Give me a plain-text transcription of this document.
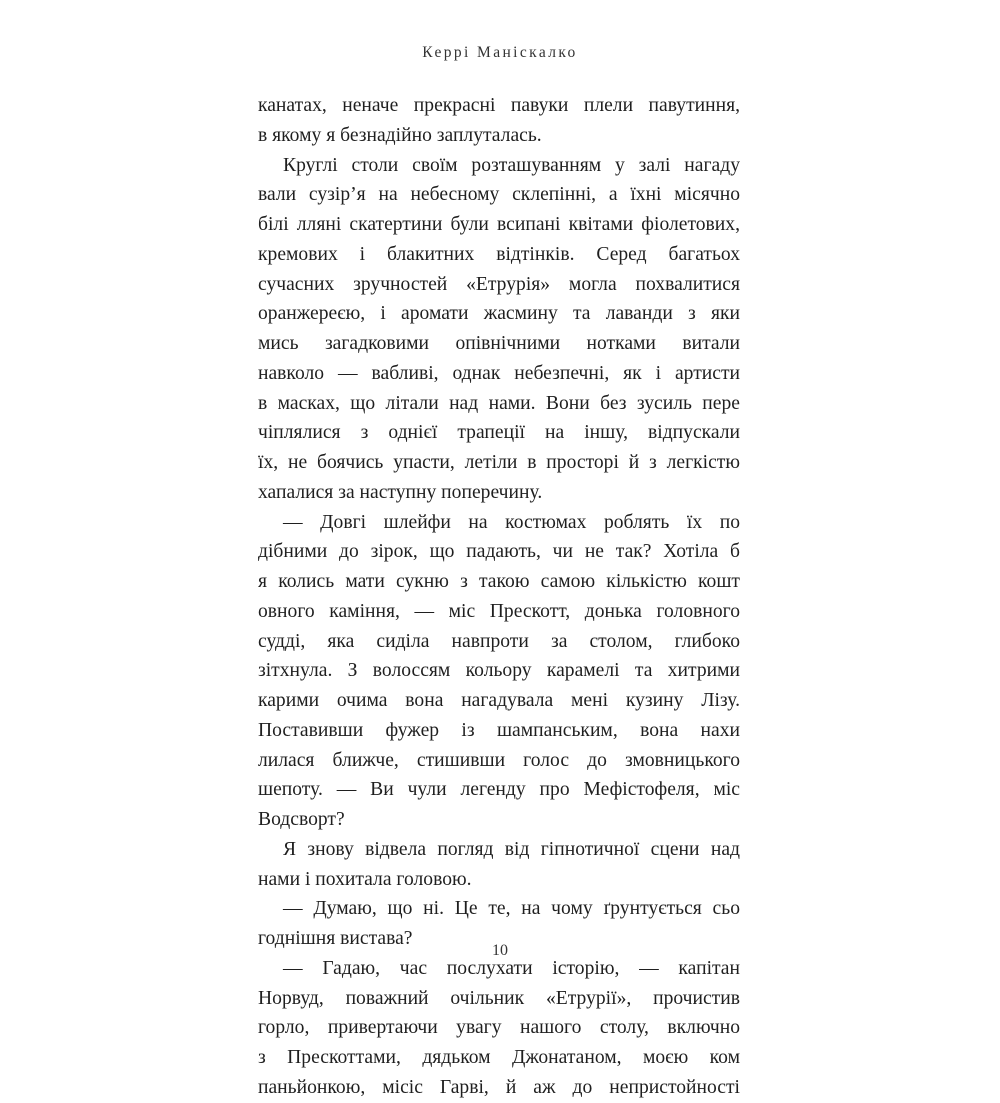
Керрі Маніскалко
канатах, неначе прекрасні павуки плели павутиння,
в якому я безнадійно заплуталась.
Круглі столи своїм розташуванням у залі нагаду
вали сузір’я на небесному склепінні, а їхні місячно
білі лляні скатертини були всипані квітами фіолетових,
кремових і блакитних відтінків. Серед багатьох
сучасних зручностей «Етрурія» могла похвалитися
оранжереєю, і аромати жасмину та лаванди з яки
мись загадковими опівнічними нотками витали
навколо — вабливі, однак небезпечні, як і артисти
в масках, що літали над нами. Вони без зусиль пере
чіплялися з однієї трапеції на іншу, відпускали
їх, не боячись упасти, летіли в просторі й з легкістю
хапалися за наступну поперечину.
— Довгі шлейфи на костюмах роблять їх по
дібними до зірок, що падають, чи не так? Хотіла б
я колись мати сукню з такою самою кількістю кошт
овного каміння, — міс Прескотт, донька головного
судді, яка сиділа навпроти за столом, глибоко
зітхнула. З волоссям кольору карамелі та хитрими
карими очима вона нагадувала мені кузину Лізу.
Поставивши фужер із шампанським, вона нахи
лилася ближче, стишивши голос до змовницького
шепоту. — Ви чули легенду про Мефістофеля, міс
Водсворт?
Я знову відвела погляд від гіпнотичної сцени над
нами і похитала головою.
— Думаю, що ні. Це те, на чому ґрунтується сьо
годнішня вистава?
— Гадаю, час послухати історію, — капітан
Норвуд, поважний очільник «Етрурії», прочистив
горло, привертаючи увагу нашого столу, включно
з Прескоттами, дядьком Джонатаном, моєю ком
паньйонкою, місіс Гарві, й аж до непристойності
10
